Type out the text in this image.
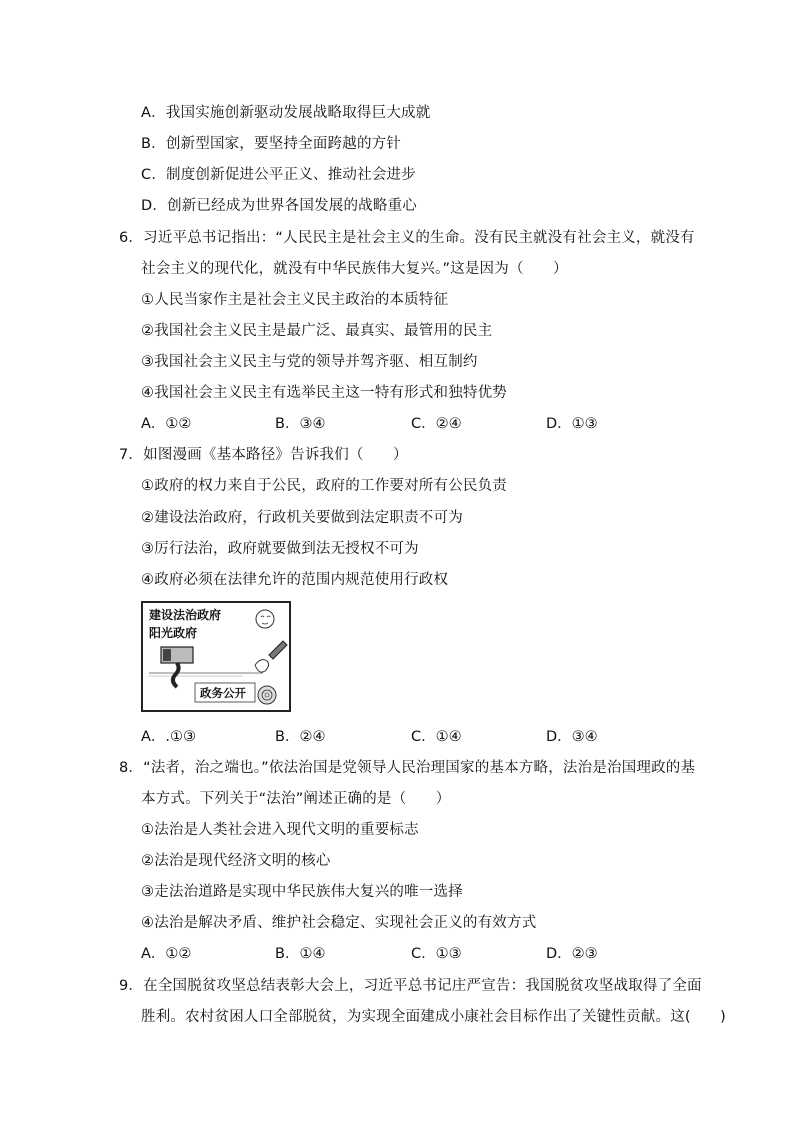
A．我国实施创新驱动发展战略取得巨大成就
B．创新型国家，要坚持全面跨越的方针
C．制度创新促进公平正义、推动社会进步
D．创新已经成为世界各国发展的战略重心
6．习近平总书记指出：“人民民主是社会主义的生命。没有民主就没有社会主义，就没有
社会主义的现代化，就没有中华民族伟大复兴。”这是因为（　　）
①人民当家作主是社会主义民主政治的本质特征
②我国社会主义民主是最广泛、最真实、最管用的民主
③我国社会主义民主与党的领导并驾齐驱、相互制约
④我国社会主义民主有选举民主这一特有形式和独特优势
A．①②	B．③④	C．②④	D．①③
7．如图漫画《基本路径》告诉我们（　　）
①政府的权力来自于公民，政府的工作要对所有公民负责
②建设法治政府，行政机关要做到法定职责不可为
③厉行法治，政府就要做到法无授权不可为
④政府必须在法律允许的范围内规范使用行政权
建设法治政府
阳光政府
政务公开
A．.①③	B．②④	C．①④	D．③④
8．“法者，治之端也。”依法治国是党领导人民治理国家的基本方略，法治是治国理政的基
本方式。下列关于“法治”阐述正确的是（　　）
①法治是人类社会进入现代文明的重要标志
②法治是现代经济文明的核心
③走法治道路是实现中华民族伟大复兴的唯一选择
④法治是解决矛盾、维护社会稳定、实现社会正义的有效方式
A．①②	B．①④	C．①③	D．②③
9．在全国脱贫攻坚总结表彰大会上，习近平总书记庄严宣告：我国脱贫攻坚战取得了全面
胜利。农村贫困人口全部脱贫，为实现全面建成小康社会目标作出了关键性贡献。这(　　)
